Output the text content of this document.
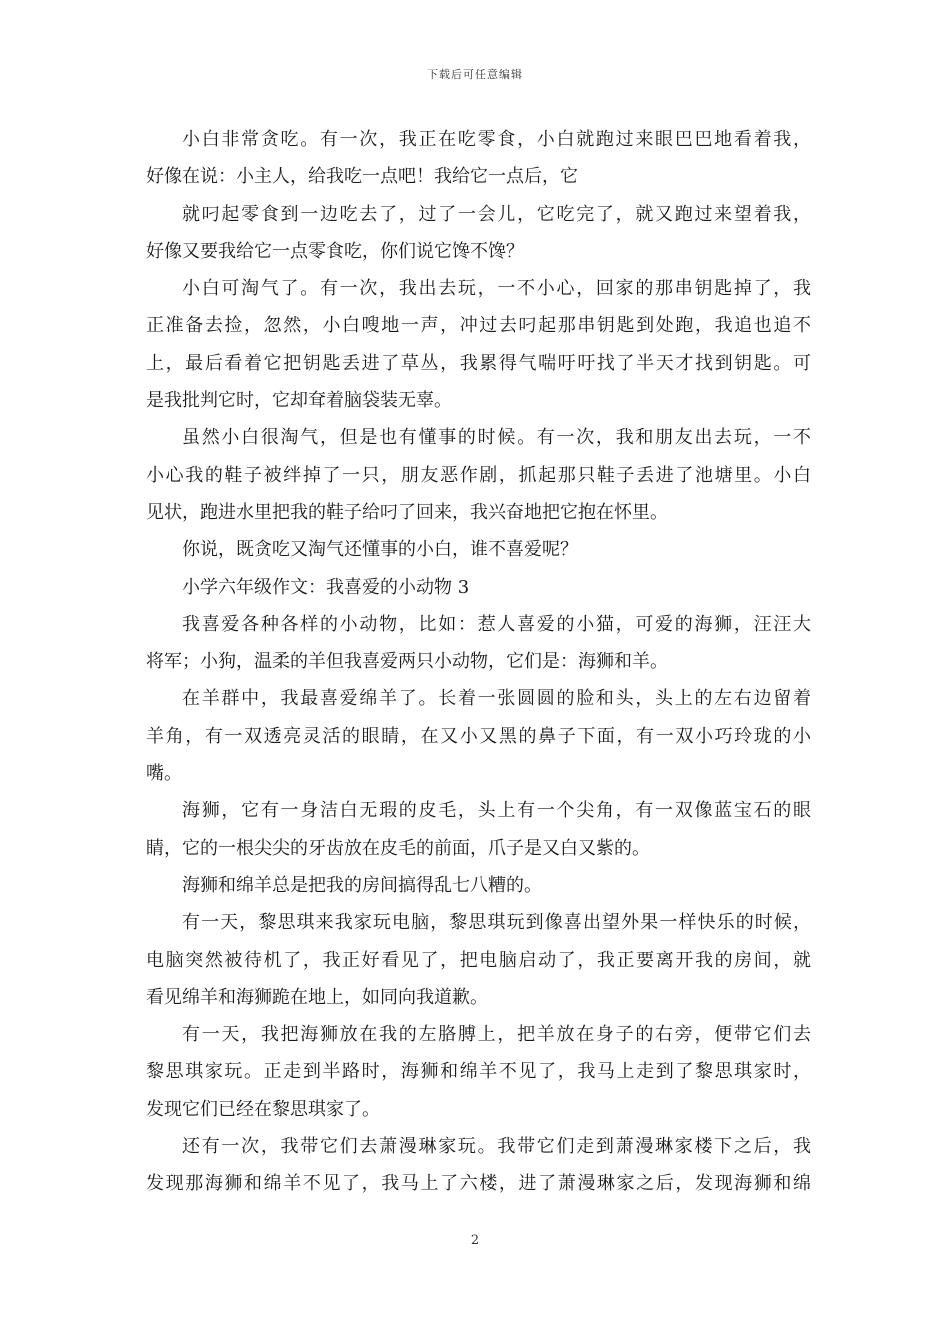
下载后可任意编辑
小白非常贪吃。有一次，我正在吃零食，小白就跑过来眼巴巴地看着我，
好像在说：小主人，给我吃一点吧！我给它一点后，它
就叼起零食到一边吃去了，过了一会儿，它吃完了，就又跑过来望着我，
好像又要我给它一点零食吃，你们说它馋不馋？
小白可淘气了。有一次，我出去玩，一不小心，回家的那串钥匙掉了，我
正准备去捡，忽然，小白嗖地一声，冲过去叼起那串钥匙到处跑，我追也追不
上，最后看着它把钥匙丢进了草丛，我累得气喘吁吁找了半天才找到钥匙。可
是我批判它时，它却耷着脑袋装无辜。
虽然小白很淘气，但是也有懂事的时候。有一次，我和朋友出去玩，一不
小心我的鞋子被绊掉了一只，朋友恶作剧，抓起那只鞋子丢进了池塘里。小白
见状，跑进水里把我的鞋子给叼了回来，我兴奋地把它抱在怀里。
你说，既贪吃又淘气还懂事的小白，谁不喜爱呢？
小学六年级作文：我喜爱的小动物 3
我喜爱各种各样的小动物，比如：惹人喜爱的小猫，可爱的海狮，汪汪大
将军；小狗，温柔的羊但我喜爱两只小动物，它们是：海狮和羊。
在羊群中，我最喜爱绵羊了。长着一张圆圆的脸和头，头上的左右边留着
羊角，有一双透亮灵活的眼睛，在又小又黑的鼻子下面，有一双小巧玲珑的小
嘴。
海狮，它有一身洁白无瑕的皮毛，头上有一个尖角，有一双像蓝宝石的眼
睛，它的一根尖尖的牙齿放在皮毛的前面，爪子是又白又紫的。
海狮和绵羊总是把我的房间搞得乱七八糟的。
有一天，黎思琪来我家玩电脑，黎思琪玩到像喜出望外果一样快乐的时候，
电脑突然被待机了，我正好看见了，把电脑启动了，我正要离开我的房间，就
看见绵羊和海狮跪在地上，如同向我道歉。
有一天，我把海狮放在我的左胳膊上，把羊放在身子的右旁，便带它们去
黎思琪家玩。正走到半路时，海狮和绵羊不见了，我马上走到了黎思琪家时，
发现它们已经在黎思琪家了。
还有一次，我带它们去萧漫琳家玩。我带它们走到萧漫琳家楼下之后，我
发现那海狮和绵羊不见了，我马上了六楼，进了萧漫琳家之后，发现海狮和绵
2
